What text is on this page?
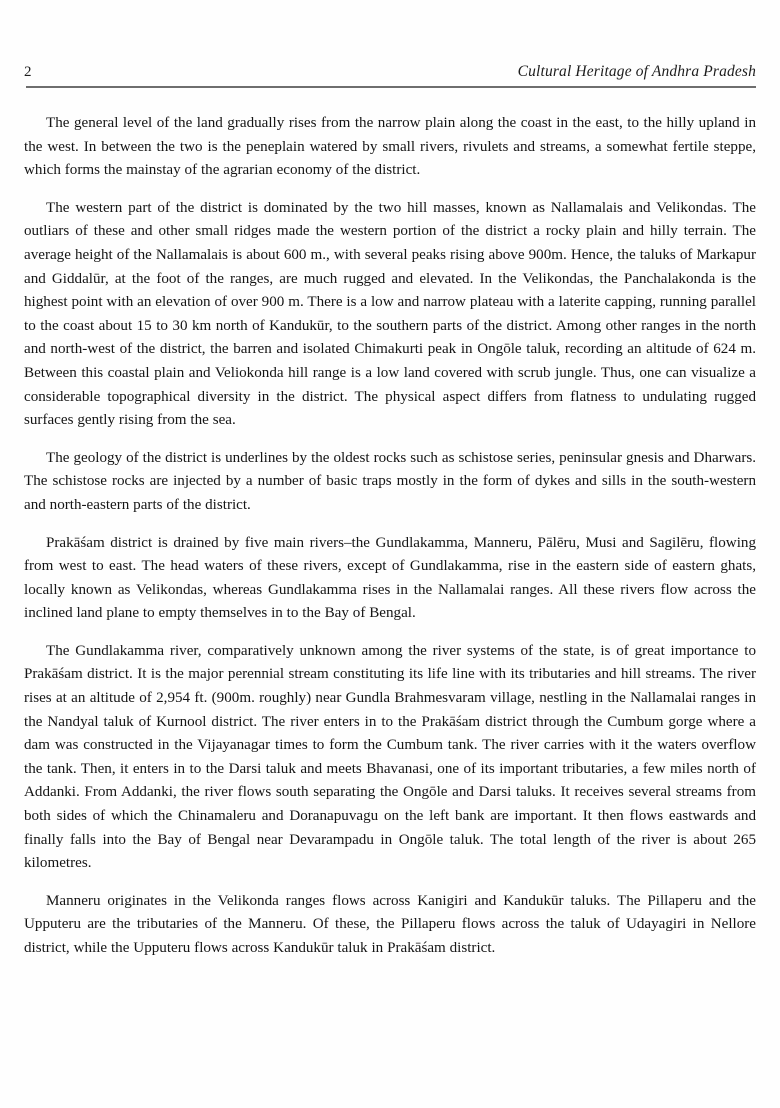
2	Cultural Heritage of Andhra Pradesh

The general level of the land gradually rises from the narrow plain along the coast in the east, to the hilly upland in the west. In between the two is the peneplain watered by small rivers, rivulets and streams, a somewhat fertile steppe, which forms the mainstay of the agrarian economy of the district.

The western part of the district is dominated by the two hill masses, known as Nallamalais and Velikondas. The outliars of these and other small ridges made the western portion of the district a rocky plain and hilly terrain. The average height of the Nallamalais is about 600 m., with several peaks rising above 900m. Hence, the taluks of Markapur and Giddalūr, at the foot of the ranges, are much rugged and elevated. In the Velikondas, the Panchalakonda is the highest point with an elevation of over 900 m. There is a low and narrow plateau with a laterite capping, running parallel to the coast about 15 to 30 km north of Kandukūr, to the southern parts of the district. Among other ranges in the north and north-west of the district, the barren and isolated Chimakurti peak in Ongōle taluk, recording an altitude of 624 m. Between this coastal plain and Veliokonda hill range is a low land covered with scrub jungle. Thus, one can visualize a considerable topographical diversity in the district. The physical aspect differs from flatness to undulating rugged surfaces gently rising from the sea.

The geology of the district is underlines by the oldest rocks such as schistose series, peninsular gnesis and Dharwars. The schistose rocks are injected by a number of basic traps mostly in the form of dykes and sills in the south-western and north-eastern parts of the district.

Prakāśam district is drained by five main rivers–the Gundlakamma, Manneru, Pālēru, Musi and Sagilēru, flowing from west to east. The head waters of these rivers, except of Gundlakamma, rise in the eastern side of eastern ghats, locally known as Velikondas, whereas Gundlakamma rises in the Nallamalai ranges. All these rivers flow across the inclined land plane to empty themselves in to the Bay of Bengal.

The Gundlakamma river, comparatively unknown among the river systems of the state, is of great importance to Prakāśam district. It is the major perennial stream constituting its life line with its tributaries and hill streams. The river rises at an altitude of 2,954 ft. (900m. roughly) near Gundla Brahmesvaram village, nestling in the Nallamalai ranges in the Nandyal taluk of Kurnool district. The river enters in to the Prakāśam district through the Cumbum gorge where a dam was constructed in the Vijayanagar times to form the Cumbum tank. The river carries with it the waters overflow the tank. Then, it enters in to the Darsi taluk and meets Bhavanasi, one of its important tributaries, a few miles north of Addanki. From Addanki, the river flows south separating the Ongōle and Darsi taluks. It receives several streams from both sides of which the Chinamaleru and Doranapuvagu on the left bank are important. It then flows eastwards and finally falls into the Bay of Bengal near Devarampadu in Ongōle taluk. The total length of the river is about 265 kilometres.

Manneru originates in the Velikonda ranges flows across Kanigiri and Kandukūr taluks. The Pillaperu and the Upputeru are the tributaries of the Manneru. Of these, the Pillaperu flows across the taluk of Udayagiri in Nellore district, while the Upputeru flows across Kandukūr taluk in Prakāśam district.
